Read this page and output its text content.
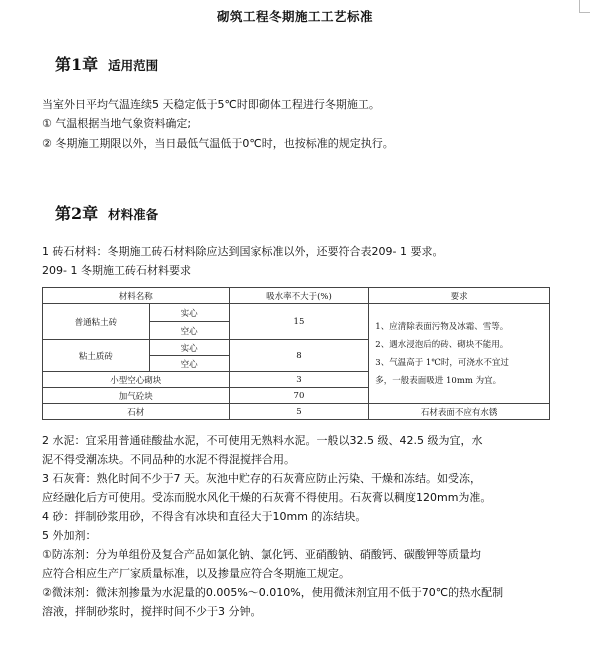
砌筑工程冬期施工工艺标准
第1章 适用范围
当室外日平均气温连续5 天稳定低于5℃时即砌体工程进行冬期施工。
① 气温根据当地气象资料确定;
② 冬期施工期限以外，当日最低气温低于0℃时，也按标准的规定执行。
第2章 材料准备
1 砖石材料：冬期施工砖石材料除应达到国家标准以外，还要符合表209- 1 要求。
209- 1 冬期施工砖石材料要求
材料名称		吸水率不大于(%)	要求
普通粘土砖	实心	15	1、应清除表面污物及冰霜、雪等。
2、遇水浸泡后的砖、砌块不能用。
3、气温高于 1℃时，可浇水不宜过
多，一般表面吸进 10mm 为宜。

	空心		
粘土质砖	实心	8	
	空心		
小型空心砌块		3	
加气砼块		70	
石材		5	石材表面不应有水锈
2 水泥：宜采用普通硅酸盐水泥，不可使用无熟料水泥。一般以32.5 级、42.5 级为宜，水
泥不得受潮冻块。不同品种的水泥不得混搅拌合用。
3 石灰膏：熟化时间不少于7 天。灰池中贮存的石灰膏应防止污染、干燥和冻结。如受冻，
应经融化后方可使用。受冻而脱水风化干燥的石灰膏不得使用。石灰膏以稠度120mm为准。
4 砂：拌制砂浆用砂，不得含有冰块和直径大于10mm 的冻结块。
5 外加剂：
①防冻剂：分为单组份及复合产品如氯化钠、氯化钙、亚硝酸钠、硝酸钙、碳酸钾等质量均
应符合相应生产厂家质量标准，以及掺量应符合冬期施工规定。
②微沫剂：微沫剂掺量为水泥量的0.005%～0.010%，使用微沫剂宜用不低于70℃的热水配制
溶液，拌制砂浆时，搅拌时间不少于3 分钟。
